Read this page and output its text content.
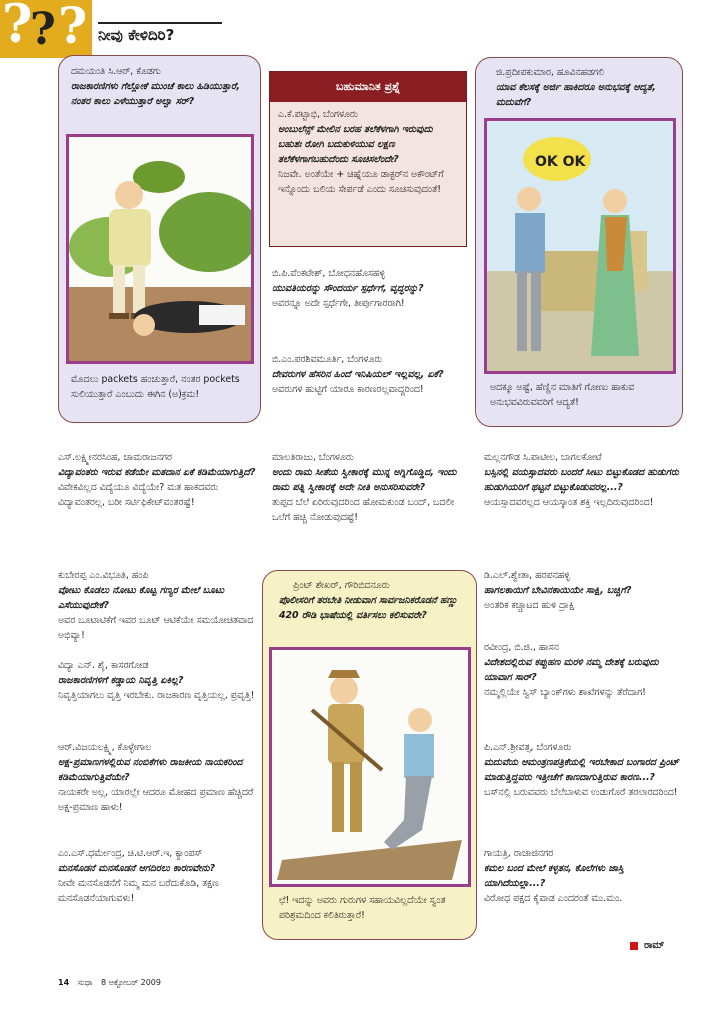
?
? ? ನೀವು ಕೇಳಿದಿರಿ?
ದಮಯಂತಿ ಸಿ.ಆರ್, ಕೊಡಗು
ರಾಜಕಾರಣಿಗಳು ಗೆಲ್ಲೋಕೆ ಮುಂಚೆ ಕಾಲು ಹಿಡಿಯುತ್ತಾರೆ, ನಂತರ ಕಾಲು ಎಳೆಯುತ್ತಾರೆ ಅಲ್ವಾ ಸರ್?
ಮೊದಲು packets ಹಂಚುತ್ತಾರೆ, ನಂತರ pockets ಸುಲಿಯುತ್ತಾರೆ ಎಂಬುದು ಈಗಿನ (ಅ)ಕ್ರಮ!
ಬಹುಮಾನಿತ ಪ್ರಶ್ನೆ
ಎ.ಕೆ.ಪಟ್ಟಾಭಿ, ಬೆಂಗಳೂರು
ಅಂಬುಲೆನ್ಸ್ ಮೇಲಿನ ಬರಹ ತಲೆಕೆಳಗಾಗಿ ಇರುವುದು ಬಹುಶಃ ರೋಗಿ ಬದುಕುಳಿಯುವ ಲಕ್ಷಣ ತಲೆಕೆಳಗಾಗಬಹುದೆಂದು ಸೂಚಿಸಲೆಂದೇ?
ನಿಜವೇ. ಅಂತೆಯೇ + ಚಿಹ್ನೆಯೂ ಡಾಕ್ಟರ್‌ನ ಅಕೌಂಟ್‌ಗೆ ಇನ್ನೊಂದು ಬಲಿಯ ಸೇರ್ಪಡೆ ಎಂದು ಸೂಚಿಸುವುದಂತೆ!
ಜಿ.ಪ್ರದೀಪಕುಮಾರ, ಹೂವಿನಹಡಗಲಿ
ಯಾವ ಕೆಲಸಕ್ಕೆ ಅರ್ಜಿ ಹಾಕಿದರೂ ಅನುಭವಕ್ಕೆ ಆದ್ಯತೆ, ಮದುವೆಗೆ?
OK OK
ಅದಕ್ಕೂ ಅಷ್ಟೆ, ಹೆಣ್ಣಿನ ಮಾತಿಗೆ ಗೋಣು ಹಾಕುವ ಅನುಭವವಿರುವವರಿಗೆ ಆದ್ಯತೆ!
ಬಿ.ಪಿ.ವೆಂಕಟೇಶ್, ಬೋಧನಹೊಸಹಳ್ಳಿ
ಯುವತಿಯರನ್ನು ಸೌಂದರ್ಯ ಸ್ಪರ್ಧೆಗೆ, ವೃದ್ಧರನ್ನು?
ಅವರನ್ನೂ ಅದೇ ಸ್ಪರ್ಧೆಗೇ, ತೀರ್ಪುಗಾರರಾಗಿ!
ಬಿ.ಎಂ.ಪರಶಿವಮೂರ್ತಿ, ಬೆಂಗಳೂರು
ದೇವರುಗಳ ಹೆಸರಿನ ಹಿಂದೆ ಇನಿಷಿಯಲ್ ಇಲ್ಲವಲ್ಲ, ಏಕೆ?
ಅವರುಗಳ ಹುಟ್ಟಿಗೆ ಯಾರೂ ಕಾರಣರಲ್ಲವಾದ್ದರಿಂದ!
ಮಾಲತಿರಾಜು, ಬೆಂಗಳೂರು
ಅಂದು ರಾಮ ಸೀತೆಯ ಸ್ವೀಕಾರಕ್ಕೆ ಮುನ್ನ ಅಗ್ನಿಗೊಡ್ಡಿದ, ಇಂದು ರಾಮ ಪತ್ನಿ ಸ್ವೀಕಾರಕ್ಕೆ ಅದೇ ನೀತಿ ಅನುಸರಿಸುವರೇ?
ತುಪ್ಪದ ಬೆಲೆ ಏರಿರುವುದರಿಂದ ಹೋಮಕುಂಡ ಬಂದ್, ಬದಲೀ ಒಲೆಗೆ ಹಚ್ಚಿ ನೋಡುವುದಷ್ಟೆ!
ಪ್ರಿಂಟ್ ಶೇಖರ್, ಗೌರಿಬಿದನೂರು
ಪೊಲೀಸರಿಗೆ ತರಬೇತಿ ನೀಡುವಾಗ ಸಾರ್ವಜನಿಕರೊಡನೆ ಹಣ್ಣು 420 ರೌಡಿ ಭಾಷೆಯಲ್ಲಿ ವರ್ತಿಸಲು ಕಲಿಸುವರೇ?
ಛೆ! ಇದನ್ನು ಅವರು ಗುರುಗಳ ಸಹಾಯವಿಲ್ಲದೆಯೇ ಸ್ವಂತ ಪರಿಶ್ರಮದಿಂದ ಕಲಿತಿರುತ್ತಾರೆ!
ಎಸ್.ಲಕ್ಷ್ಮೀನರಸಿಂಹ, ಚಾಮರಾಜನಗರ
ವಿದ್ಯಾವಂತರು ಇರುವ ಕಡೆಯೇ ಮತದಾನ ಏಕೆ ಕಡಿಮೆಯಾಗುತ್ತಿದೆ?
ವಿವೇಕವಿಲ್ಲದ ವಿದ್ಯೆಯೂ ವಿದ್ಯೆಯೇ? ಮತ ಹಾಕದವರು ವಿದ್ಯಾವಂತರಲ್ಲ, ಬರೀ ಸರ್ಟಿಫಿಕೇಟ್‌ವಂತರಷ್ಟೆ!
ಕುಬೇರಪ್ಪ ಎಂ.ವಿಭೂತಿ, ಹಂಪಿ
ವೋಟು ಕೊಡಲು ನೋಟು ಕೊಟ್ಟ ಗಣ್ಯರ ಮೇಲೆ ಬೂಟು ಎಸೆಯುವುದೇಕೆ?
ಅವರ ಬೂಟಾಟಿಕೆಗೆ ಇವರ ಬೂಟ್ ಆಟಿಕೆಯೇ ಸಮಯೋಚಿತವಾದ ಅಭಿವ್ಯಾ!
ವಿದ್ಯಾ ಎನ್. ಶೈ, ಕಾಸರಗೋಡ
ರಾಜಕಾರಣಿಗಳಿಗೆ ಕಡ್ಡಾಯ ನಿವೃತ್ತಿ ಏಕಿಲ್ಲ?
ನಿವೃತ್ತಿಯಾಗಲು ವೃತ್ತಿ ಇರಬೇಕು. ರಾಜಕಾರಣ ವೃತ್ತಿಯಲ್ಲ, ಪ್ರವೃತ್ತಿ!
ಆರ್.ವಿಜಯಲಕ್ಷ್ಮಿ, ಕೊಳ್ಳೇಗಾಲ
ಅಕ್ಷ-ಪ್ರಮಾಣಗಳಲ್ಲಿರುವ ನಂಬಿಕೆಗಳು ರಾಜಕೀಯ ನಾಯಕರಿಂದ ಕಡಿಮೆಯಾಗುತ್ತಿವೆಯೇ?
ನಾಯಕರೇ ಅಲ್ಲ, ಯಾರಲ್ಲೇ ಆದರೂ ಮೋಹದ ಪ್ರಮಾಣ ಹೆಚ್ಚಿದರೆ ಅಕ್ಷ-ಪ್ರಮಾಣ ಹಾಳು!
ಎಂ.ಎಸ್.ಧರ್ಮೇಂದ್ರ, ಚಿ.ಟಿ.ಆರ್.ಇ, ಕ್ಯಾಂಪಸ್
ಮನಸೊಡನೆ ಮನಸೊಡನೆ ಆಗದಿರಲು ಕಾರಣವೇನು?
ನೀವೇ ಮನಸೊಡನೆಗೆ ನಿಮ್ಮ ಮನ ಬರೆದುಕೊಡಿ, ತಕ್ಷಣ ಮನಸೊಡನೆಯಾಗುವಳು!
ಮಲ್ಲನಗೌಡ ಸಿ.ಪಾಟೀಲ, ಬಾಗಲಕೋಟೆ
ಬಸ್ಸಿನಲ್ಲಿ ವಯಸ್ಸಾದವರು ಬಂದರೆ ಸೀಟು ಬಿಟ್ಟುಕೊಡದ ಹುಡುಗರು ಹುಡುಗಿಯರಿಗೆ ಥಟ್ಟನೆ ಬಿಟ್ಟುಕೊಡುವರಲ್ಲ...?
ಆಯಸ್ಸಾದವರಲ್ಲದ ಆಯಸ್ಕಾಂತ ಶಕ್ತಿ ಇಲ್ಲದಿರುವುದರಿಂದ!
ಡಿ.ಎಲ್.ಶ್ವೇತಾ, ಹರಪನಹಳ್ಳಿ
ಹಾಗಲಕಾಯಿಗೆ ಬೇವಿನಕಾಯಿಯೇ ಸಾಕ್ಷಿ, ಬಚ್ಚಿಗೆ?
ಅಂತರಿಕ ಕಚ್ಚಾಟದ ಹುಳಿ ದ್ರಾಕ್ಷಿ
ರವೀಂದ್ರ, ಬಿ.ಜಿ., ಹಾಸನ
ವಿದೇಶದಲ್ಲಿರುವ ಕಪ್ಪುಹಣ ಮರಳಿ ನಮ್ಮ ದೇಶಕ್ಕೆ ಬರುವುದು ಯಾವಾಗ ಸಾರ್?
ನಮ್ಮಲ್ಲಿಯೇ ಸ್ವಿಸ್ ಬ್ಯಾಂಕ್‌ಗಳು ಶಾಖೆಗಳನ್ನು ತೆರೆದಾಗ!
ಪಿ.ಎನ್.ಶ್ರೀವತ್ಸ, ಬೆಂಗಳೂರು
ಮದುವೆಯ ಆಮಂತ್ರಣಪತ್ರಿಕೆಯಲ್ಲಿ ಇರಬೇಕಾದ ಬಂಗಾರದ ಪ್ರಿಂಟ್ ಮಾಡುತ್ತಿದ್ದವರು ಇತ್ತೀಚೆಗೆ ಕಾಣದಾಗುತ್ತಿರುವ ಕಾರಣ...?
ಬಸ್‌ನಲ್ಲಿ ಬರುವವರು ಬೆಲೆಬಾಳುವ ಉಡುಗೊರೆ ತರಲಾರದರಿಂದ!
ಗಾಯತ್ರಿ, ರಾಜಾಜಿನಗರ
ಕಮಲ ಬಂದ ಮೇಲೆ ಕಳ್ಳತನ, ಕೊಲೆಗಳು ಜಾಸ್ತಿ ಯಾಗಿದೆಯಲ್ಲಾ...?
ವಿರೋಧ ಪಕ್ಷದ ಕೈವಾಡ ಎಂದರಂತೆ ಮು.ಮಂ.
ರಾಮ್
14 ಸುಧಾ 8 ಅಕ್ಟೋಬರ್ 2009
